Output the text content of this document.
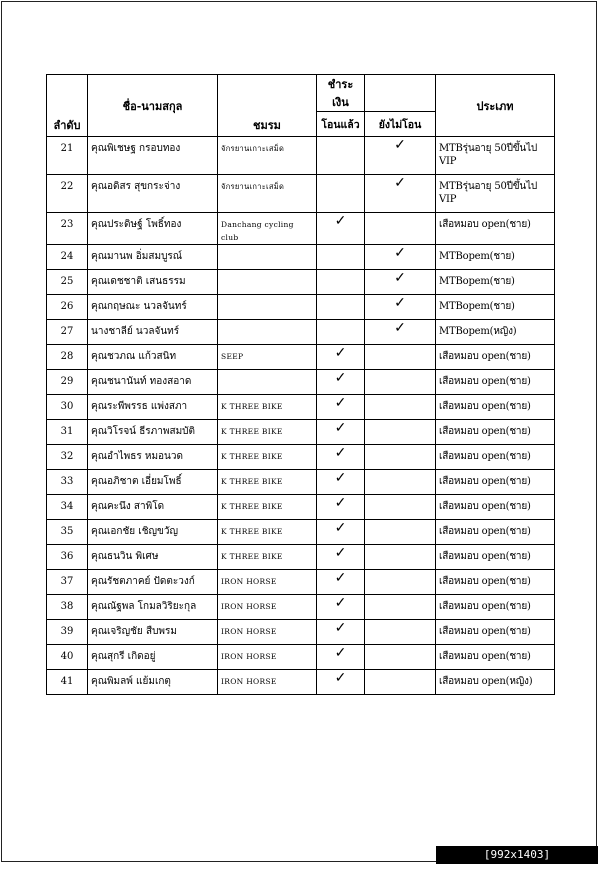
ลำดับ	ชื่อ-นามสกุล	ชมรม	ชำระเงิน		ประเภท
			โอนแล้ว	ยังไม่โอน	
21	คุณพิเชษฐ กรอบทอง	จักรยานเกาะเสม็ด		✓	MTBรุ่นอายุ 50ปีขึ้นไป VIP
22	คุณอดิสร สุขกระจ่าง	จักรยานเกาะเสม็ด		✓	MTBรุ่นอายุ 50ปีขึ้นไป VIP
23	คุณประดิษฐ์ โพธิ์ทอง	Danchang cycling club	✓		เสือหมอบ open(ชาย)
24	คุณมานพ อิ่มสมบูรณ์			✓	MTBopem(ชาย)
25	คุณเดชชาติ เสนธรรม			✓	MTBopem(ชาย)
26	คุณกฤษณะ นวลจันทร์			✓	MTBopem(ชาย)
27	นางชาลีย์ นวลจันทร์			✓	MTBopem(หญิง)
28	คุณชวภณ แก้วสนิท	SEEP	✓		เสือหมอบ open(ชาย)
29	คุณชนานันท์ ทองสอาด		✓		เสือหมอบ open(ชาย)
30	คุณระพีพรรธ แพ่งสภา	K THREE BIKE	✓		เสือหมอบ open(ชาย)
31	คุณวิโรจน์ ธีรภาพสมบัติ	K THREE BIKE	✓		เสือหมอบ open(ชาย)
32	คุณอำไพธร หมอนวด	K THREE BIKE	✓		เสือหมอบ open(ชาย)
33	คุณอภิชาต เอี่ยมโพธิ์	K THREE BIKE	✓		เสือหมอบ open(ชาย)
34	คุณคะนึง สาพิโด	K THREE BIKE	✓		เสือหมอบ open(ชาย)
35	คุณเอกชัย เชิญขวัญ	K THREE BIKE	✓		เสือหมอบ open(ชาย)
36	คุณธนวิน พิเศษ	K THREE BIKE	✓		เสือหมอบ open(ชาย)
37	คุณรัชตภาคย์ ปัดตะวงก์	IRON HORSE	✓		เสือหมอบ open(ชาย)
38	คุณณัฐพล โกมลวิริยะกุล	IRON HORSE	✓		เสือหมอบ open(ชาย)
39	คุณเจริญชัย สืบพรม	IRON HORSE	✓		เสือหมอบ open(ชาย)
40	คุณสุกรี เกิดอยู่	IRON HORSE	✓		เสือหมอบ open(ชาย)
41	คุณพิมลพ์ แย้มเกตุ	IRON HORSE	✓		เสือหมอบ open(หญิง)
[992x1403] https://upic.me/
